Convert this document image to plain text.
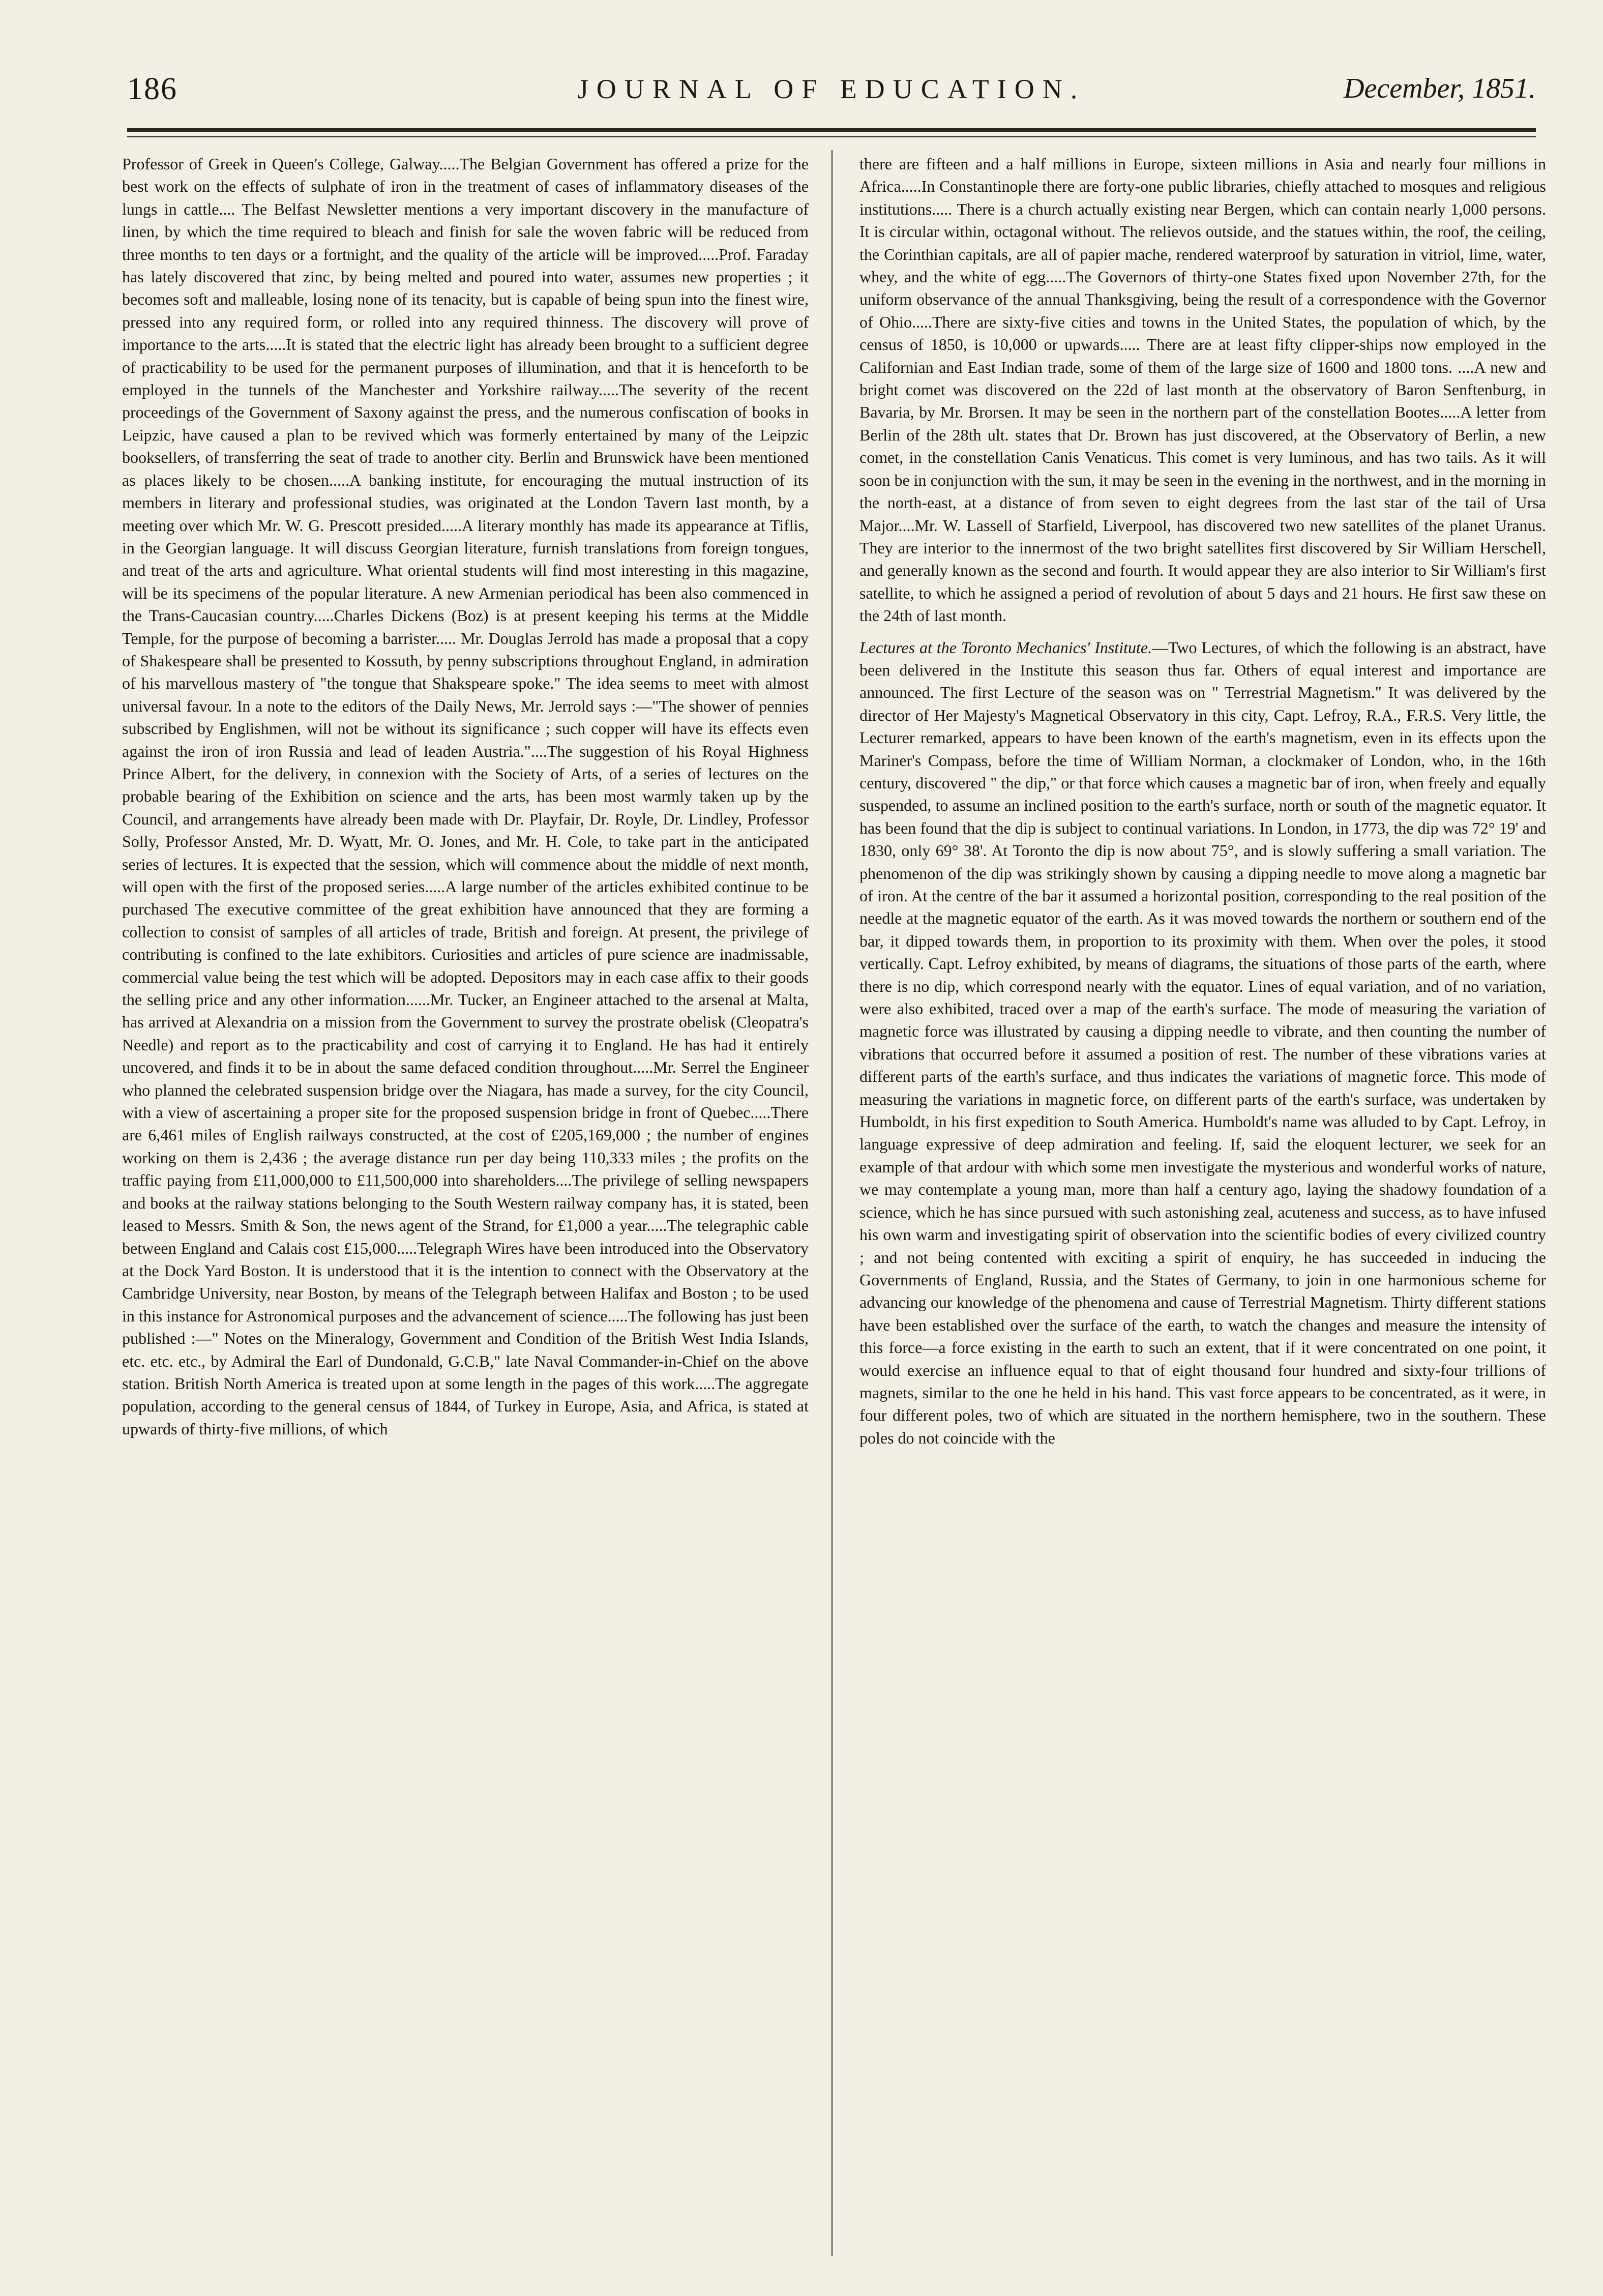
186	JOURNAL OF EDUCATION.	December, 1851.

Professor of Greek in Queen's College, Galway.....The Belgian Government has offered a prize for the best work on the effects of sulphate of iron in the treatment of cases of inflammatory diseases of the lungs in cattle.... The Belfast Newsletter mentions a very important discovery in the manufacture of linen, by which the time required to bleach and finish for sale the woven fabric will be reduced from three months to ten days or a fortnight, and the quality of the article will be improved.....Prof. Faraday has lately discovered that zinc, by being melted and poured into water, assumes new properties ; it becomes soft and malleable, losing none of its tenacity, but is capable of being spun into the finest wire, pressed into any required form, or rolled into any required thinness. The discovery will prove of importance to the arts.....It is stated that the electric light has already been brought to a sufficient degree of practicability to be used for the permanent purposes of illumination, and that it is henceforth to be employed in the tunnels of the Manchester and Yorkshire railway.....The severity of the recent proceedings of the Government of Saxony against the press, and the numerous confiscation of books in Leipzic, have caused a plan to be revived which was formerly entertained by many of the Leipzic booksellers, of transferring the seat of trade to another city. Berlin and Brunswick have been mentioned as places likely to be chosen.....A banking institute, for encouraging the mutual instruction of its members in literary and professional studies, was originated at the London Tavern last month, by a meeting over which Mr. W. G. Prescott presided.....A literary monthly has made its appearance at Tiflis, in the Georgian language. It will discuss Georgian literature, furnish translations from foreign tongues, and treat of the arts and agriculture. What oriental students will find most interesting in this magazine, will be its specimens of the popular literature. A new Armenian periodical has been also commenced in the Trans-Caucasian country.....Charles Dickens (Boz) is at present keeping his terms at the Middle Temple, for the purpose of becoming a barrister..... Mr. Douglas Jerrold has made a proposal that a copy of Shakespeare shall be presented to Kossuth, by penny subscriptions throughout England, in admiration of his marvellous mastery of "the tongue that Shakspeare spoke." The idea seems to meet with almost universal favour. In a note to the editors of the Daily News, Mr. Jerrold says :—"The shower of pennies subscribed by Englishmen, will not be without its significance ; such copper will have its effects even against the iron of iron Russia and lead of leaden Austria."....The suggestion of his Royal Highness Prince Albert, for the delivery, in connexion with the Society of Arts, of a series of lectures on the probable bearing of the Exhibition on science and the arts, has been most warmly taken up by the Council, and arrangements have already been made with Dr. Playfair, Dr. Royle, Dr. Lindley, Professor Solly, Professor Ansted, Mr. D. Wyatt, Mr. O. Jones, and Mr. H. Cole, to take part in the anticipated series of lectures. It is expected that the session, which will commence about the middle of next month, will open with the first of the proposed series.....A large number of the articles exhibited continue to be purchased The executive committee of the great exhibition have announced that they are forming a collection to consist of samples of all articles of trade, British and foreign. At present, the privilege of contributing is confined to the late exhibitors. Curiosities and articles of pure science are inadmissable, commercial value being the test which will be adopted. Depositors may in each case affix to their goods the selling price and any other information......Mr. Tucker, an Engineer attached to the arsenal at Malta, has arrived at Alexandria on a mission from the Government to survey the prostrate obelisk (Cleopatra's Needle) and report as to the practicability and cost of carrying it to England. He has had it entirely uncovered, and finds it to be in about the same defaced condition throughout.....Mr. Serrel the Engineer who planned the celebrated suspension bridge over the Niagara, has made a survey, for the city Council, with a view of ascertaining a proper site for the proposed suspension bridge in front of Quebec.....There are 6,461 miles of English railways constructed, at the cost of £205,169,000 ; the number of engines working on them is 2,436 ; the average distance run per day being 110,333 miles ; the profits on the traffic paying from £11,000,000 to £11,500,000 into shareholders....The privilege of selling newspapers and books at the railway stations belonging to the South Western railway company has, it is stated, been leased to Messrs. Smith & Son, the news agent of the Strand, for £1,000 a year.....The telegraphic cable between England and Calais cost £15,000.....Telegraph Wires have been introduced into the Observatory at the Dock Yard Boston. It is understood that it is the intention to connect with the Observatory at the Cambridge University, near Boston, by means of the Telegraph between Halifax and Boston ; to be used in this instance for Astronomical purposes and the advancement of science.....The following has just been published :—" Notes on the Mineralogy, Government and Condition of the British West India Islands, etc. etc. etc., by Admiral the Earl of Dundonald, G.C.B," late Naval Commander-in-Chief on the above station. British North America is treated upon at some length in the pages of this work.....The aggregate population, according to the general census of 1844, of Turkey in Europe, Asia, and Africa, is stated at upwards of thirty-five millions, of which

there are fifteen and a half millions in Europe, sixteen millions in Asia and nearly four millions in Africa.....In Constantinople there are forty-one public libraries, chiefly attached to mosques and religious institutions..... There is a church actually existing near Bergen, which can contain nearly 1,000 persons. It is circular within, octagonal without. The relievos outside, and the statues within, the roof, the ceiling, the Corinthian capitals, are all of papier mache, rendered waterproof by saturation in vitriol, lime, water, whey, and the white of egg.....The Governors of thirty-one States fixed upon November 27th, for the uniform observance of the annual Thanksgiving, being the result of a correspondence with the Governor of Ohio.....There are sixty-five cities and towns in the United States, the population of which, by the census of 1850, is 10,000 or upwards..... There are at least fifty clipper-ships now employed in the Californian and East Indian trade, some of them of the large size of 1600 and 1800 tons. ....A new and bright comet was discovered on the 22d of last month at the observatory of Baron Senftenburg, in Bavaria, by Mr. Brorsen. It may be seen in the northern part of the constellation Bootes.....A letter from Berlin of the 28th ult. states that Dr. Brown has just discovered, at the Observatory of Berlin, a new comet, in the constellation Canis Venaticus. This comet is very luminous, and has two tails. As it will soon be in conjunction with the sun, it may be seen in the evening in the northwest, and in the morning in the north-east, at a distance of from seven to eight degrees from the last star of the tail of Ursa Major....Mr. W. Lassell of Starfield, Liverpool, has discovered two new satellites of the planet Uranus. They are interior to the innermost of the two bright satellites first discovered by Sir William Herschell, and generally known as the second and fourth. It would appear they are also interior to Sir William's first satellite, to which he assigned a period of revolution of about 5 days and 21 hours. He first saw these on the 24th of last month.

Lectures at the Toronto Mechanics' Institute.—Two Lectures, of which the following is an abstract, have been delivered in the Institute this season thus far. Others of equal interest and importance are announced. The first Lecture of the season was on " Terrestrial Magnetism." It was delivered by the director of Her Majesty's Magnetical Observatory in this city, Capt. Lefroy, R.A., F.R.S. Very little, the Lecturer remarked, appears to have been known of the earth's magnetism, even in its effects upon the Mariner's Compass, before the time of William Norman, a clockmaker of London, who, in the 16th century, discovered " the dip," or that force which causes a magnetic bar of iron, when freely and equally suspended, to assume an inclined position to the earth's surface, north or south of the magnetic equator. It has been found that the dip is subject to continual variations. In London, in 1773, the dip was 72° 19' and 1830, only 69° 38'. At Toronto the dip is now about 75°, and is slowly suffering a small variation. The phenomenon of the dip was strikingly shown by causing a dipping needle to move along a magnetic bar of iron. At the centre of the bar it assumed a horizontal position, corresponding to the real position of the needle at the magnetic equator of the earth. As it was moved towards the northern or southern end of the bar, it dipped towards them, in proportion to its proximity with them. When over the poles, it stood vertically. Capt. Lefroy exhibited, by means of diagrams, the situations of those parts of the earth, where there is no dip, which correspond nearly with the equator. Lines of equal variation, and of no variation, were also exhibited, traced over a map of the earth's surface. The mode of measuring the variation of magnetic force was illustrated by causing a dipping needle to vibrate, and then counting the number of vibrations that occurred before it assumed a position of rest. The number of these vibrations varies at different parts of the earth's surface, and thus indicates the variations of magnetic force. This mode of measuring the variations in magnetic force, on different parts of the earth's surface, was undertaken by Humboldt, in his first expedition to South America. Humboldt's name was alluded to by Capt. Lefroy, in language expressive of deep admiration and feeling. If, said the eloquent lecturer, we seek for an example of that ardour with which some men investigate the mysterious and wonderful works of nature, we may contemplate a young man, more than half a century ago, laying the shadowy foundation of a science, which he has since pursued with such astonishing zeal, acuteness and success, as to have infused his own warm and investigating spirit of observation into the scientific bodies of every civilized country ; and not being contented with exciting a spirit of enquiry, he has succeeded in inducing the Governments of England, Russia, and the States of Germany, to join in one harmonious scheme for advancing our knowledge of the phenomena and cause of Terrestrial Magnetism. Thirty different stations have been established over the surface of the earth, to watch the changes and measure the intensity of this force—a force existing in the earth to such an extent, that if it were concentrated on one point, it would exercise an influence equal to that of eight thousand four hundred and sixty-four trillions of magnets, similar to the one he held in his hand. This vast force appears to be concentrated, as it were, in four different poles, two of which are situated in the northern hemisphere, two in the southern. These poles do not coincide with the
